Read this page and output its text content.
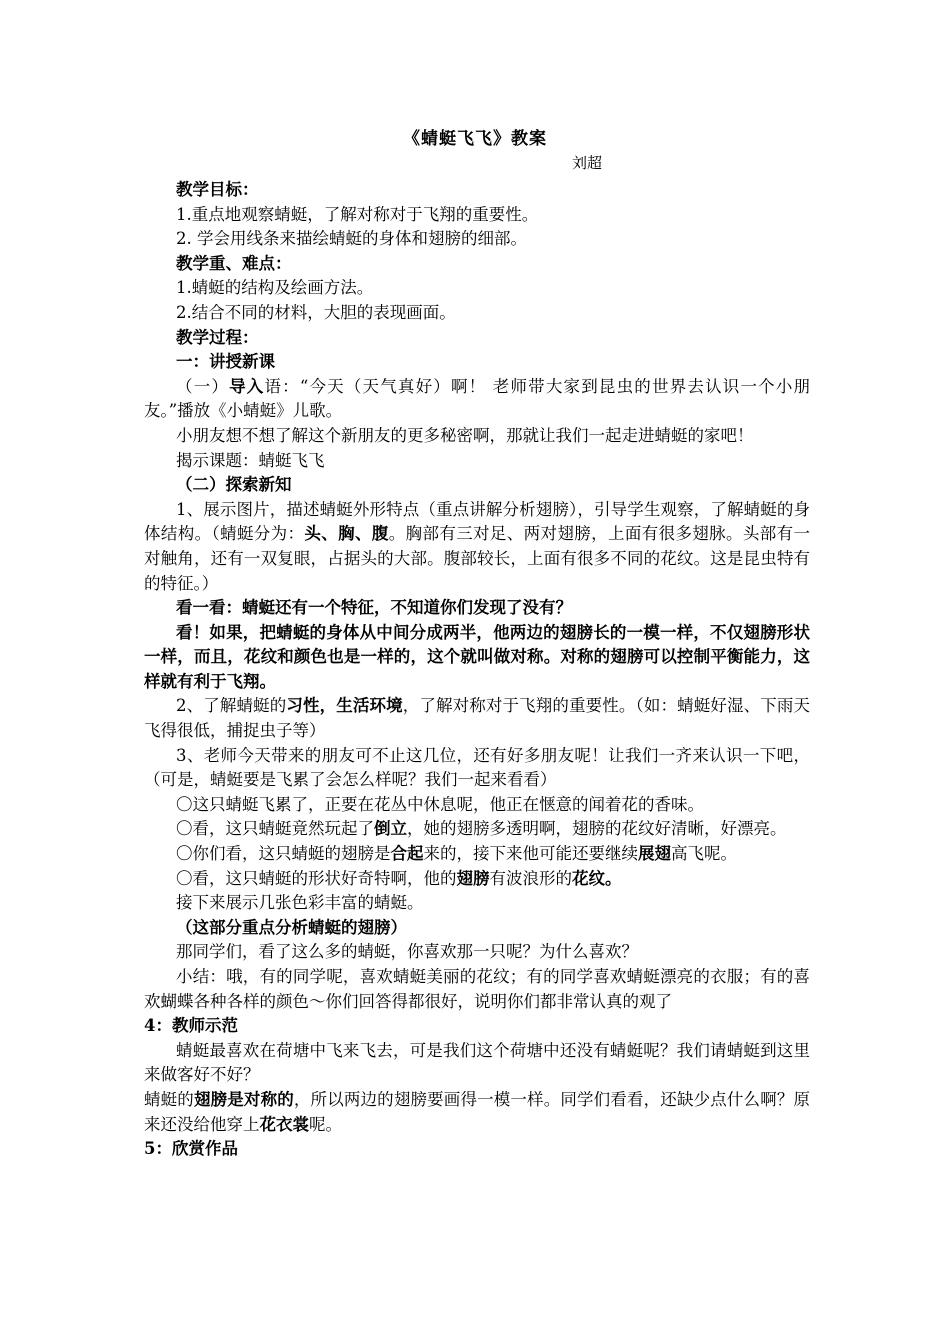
《蜻蜓飞飞》教案
刘超

教学目标：

1.重点地观察蜻蜓，了解对称对于飞翔的重要性。

2. 学会用线条来描绘蜻蜓的身体和翅膀的细部。

教学重、难点：

1.蜻蜓的结构及绘画方法。

2.结合不同的材料，大胆的表现画面。

教学过程：

一：讲授新课

（一）导入语：“今天（天气真好）啊！ 老师带大家到昆虫的世界去认识一个小朋友。”播放《小蜻蜓》儿歌。

小朋友想不想了解这个新朋友的更多秘密啊，那就让我们一起走进蜻蜓的家吧！

揭示课题：蜻蜓飞飞

（二）探索新知

1、展示图片，描述蜻蜓外形特点（重点讲解分析翅膀），引导学生观察，了解蜻蜓的身体结构。（蜻蜓分为：头、胸、腹。胸部有三对足、两对翅膀，上面有很多翅脉。头部有一对触角，还有一双复眼，占据头的大部。腹部较长，上面有很多不同的花纹。这是昆虫特有的特征。）

看一看：蜻蜓还有一个特征，不知道你们发现了没有？

看！如果，把蜻蜓的身体从中间分成两半，他两边的翅膀长的一模一样，不仅翅膀形状一样，而且，花纹和颜色也是一样的，这个就叫做对称。对称的翅膀可以控制平衡能力，这样就有利于飞翔。

2、了解蜻蜓的习性，生活环境，了解对称对于飞翔的重要性。（如：蜻蜓好湿、下雨天飞得很低，捕捉虫子等）

3、老师今天带来的朋友可不止这几位，还有好多朋友呢！让我们一齐来认识一下吧，（可是，蜻蜓要是飞累了会怎么样呢？我们一起来看看）

〇这只蜻蜓飞累了，正要在花丛中休息呢，他正在惬意的闻着花的香味。

〇看，这只蜻蜓竟然玩起了倒立，她的翅膀多透明啊，翅膀的花纹好清晰，好漂亮。

〇你们看，这只蜻蜓的翅膀是合起来的，接下来他可能还要继续展翅高飞呢。

〇看，这只蜻蜓的形状好奇特啊，他的翅膀有波浪形的花纹。

接下来展示几张色彩丰富的蜻蜓。

（这部分重点分析蜻蜓的翅膀）

那同学们，看了这么多的蜻蜓，你喜欢那一只呢？为什么喜欢？

小结：哦，有的同学呢，喜欢蜻蜓美丽的花纹；有的同学喜欢蜻蜓漂亮的衣服；有的喜欢蝴蝶各种各样的颜色～你们回答得都很好，说明你们都非常认真的观了

4：教师示范

蜻蜓最喜欢在荷塘中飞来飞去，可是我们这个荷塘中还没有蜻蜓呢？我们请蜻蜓到这里来做客好不好？

蜻蜓的翅膀是对称的，所以两边的翅膀要画得一模一样。同学们看看，还缺少点什么啊？原来还没给他穿上花衣裳呢。

5：欣赏作品
